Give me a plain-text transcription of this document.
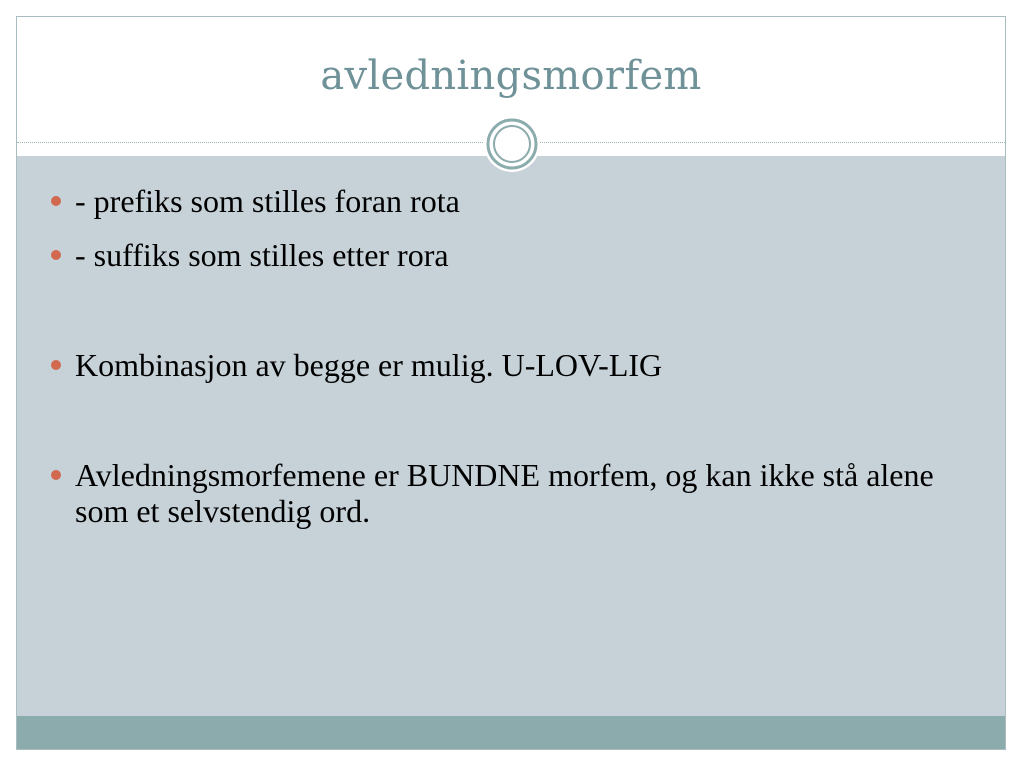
avledningsmorfem
- prefiks som stilles foran rota
- suffiks som stilles etter rora
Kombinasjon av begge er mulig. U-LOV-LIG
Avledningsmorfemene er BUNDNE morfem, og kan ikke stå alene som et selvstendig ord.
